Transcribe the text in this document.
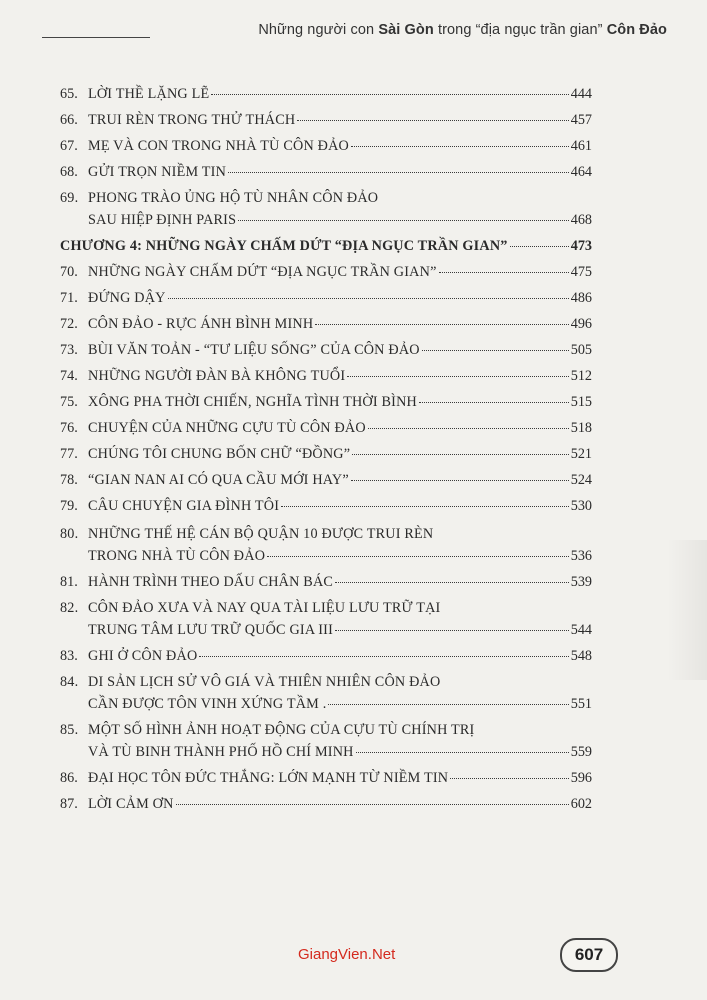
Những người con Sài Gòn trong “địa ngục trần gian” Côn Đảo
65. LỜI THỀ LẶNG LẼ	444
66. TRUI RÈN TRONG THỬ THÁCH	457
67. MẸ VÀ CON TRONG NHÀ TÙ CÔN ĐẢO	461
68. GỬI TRỌN NIỀM TIN	464
69. PHONG TRÀO ỦNG HỘ TÙ NHÂN CÔN ĐẢO
SAU HIỆP ĐỊNH PARIS	468
CHƯƠNG 4: NHỮNG NGÀY CHẤM DỨT “ĐỊA NGỤC TRẦN GIAN”	473
70. NHỮNG NGÀY CHẤM DỨT “ĐỊA NGỤC TRẦN GIAN”	475
71. ĐỨNG DẬY	486
72. CÔN ĐẢO - RỰC ÁNH BÌNH MINH	496
73. BÙI VĂN TOẢN - “TƯ LIỆU SỐNG” CỦA CÔN ĐẢO	505
74. NHỮNG NGƯỜI ĐÀN BÀ KHÔNG TUỔI	512
75. XÔNG PHA THỜI CHIẾN, NGHĨA TÌNH THỜI BÌNH	515
76. CHUYỆN CỦA NHỮNG CỰU TÙ CÔN ĐẢO	518
77. CHÚNG TÔI CHUNG BỐN CHỮ “ĐỒNG”	521
78. “GIAN NAN AI CÓ QUA CẦU MỚI HAY”	524
79. CÂU CHUYỆN GIA ĐÌNH TÔI	530
80. NHỮNG THẾ HỆ CÁN BỘ QUẬN 10 ĐƯỢC TRUI RÈN
TRONG NHÀ TÙ CÔN ĐẢO	536
81. HÀNH TRÌNH THEO DẤU CHÂN BÁC	539
82. CÔN ĐẢO XƯA VÀ NAY QUA TÀI LIỆU LƯU TRỮ TẠI
TRUNG TÂM LƯU TRỮ QUỐC GIA III	544
83. GHI Ở CÔN ĐẢO	548
84. DI SẢN LỊCH SỬ VÔ GIÁ VÀ THIÊN NHIÊN CÔN ĐẢO
CẦN ĐƯỢC TÔN VINH XỨNG TẦM .	551
85. MỘT SỐ HÌNH ẢNH HOẠT ĐỘNG CỦA CỰU TÙ CHÍNH TRỊ
VÀ TÙ BINH THÀNH PHỐ HỒ CHÍ MINH	559
86. ĐẠI HỌC TÔN ĐỨC THẮNG: LỚN MẠNH TỪ NIỀM TIN	596
87. LỜI CẢM ƠN	602
GiangVien.Net	607
